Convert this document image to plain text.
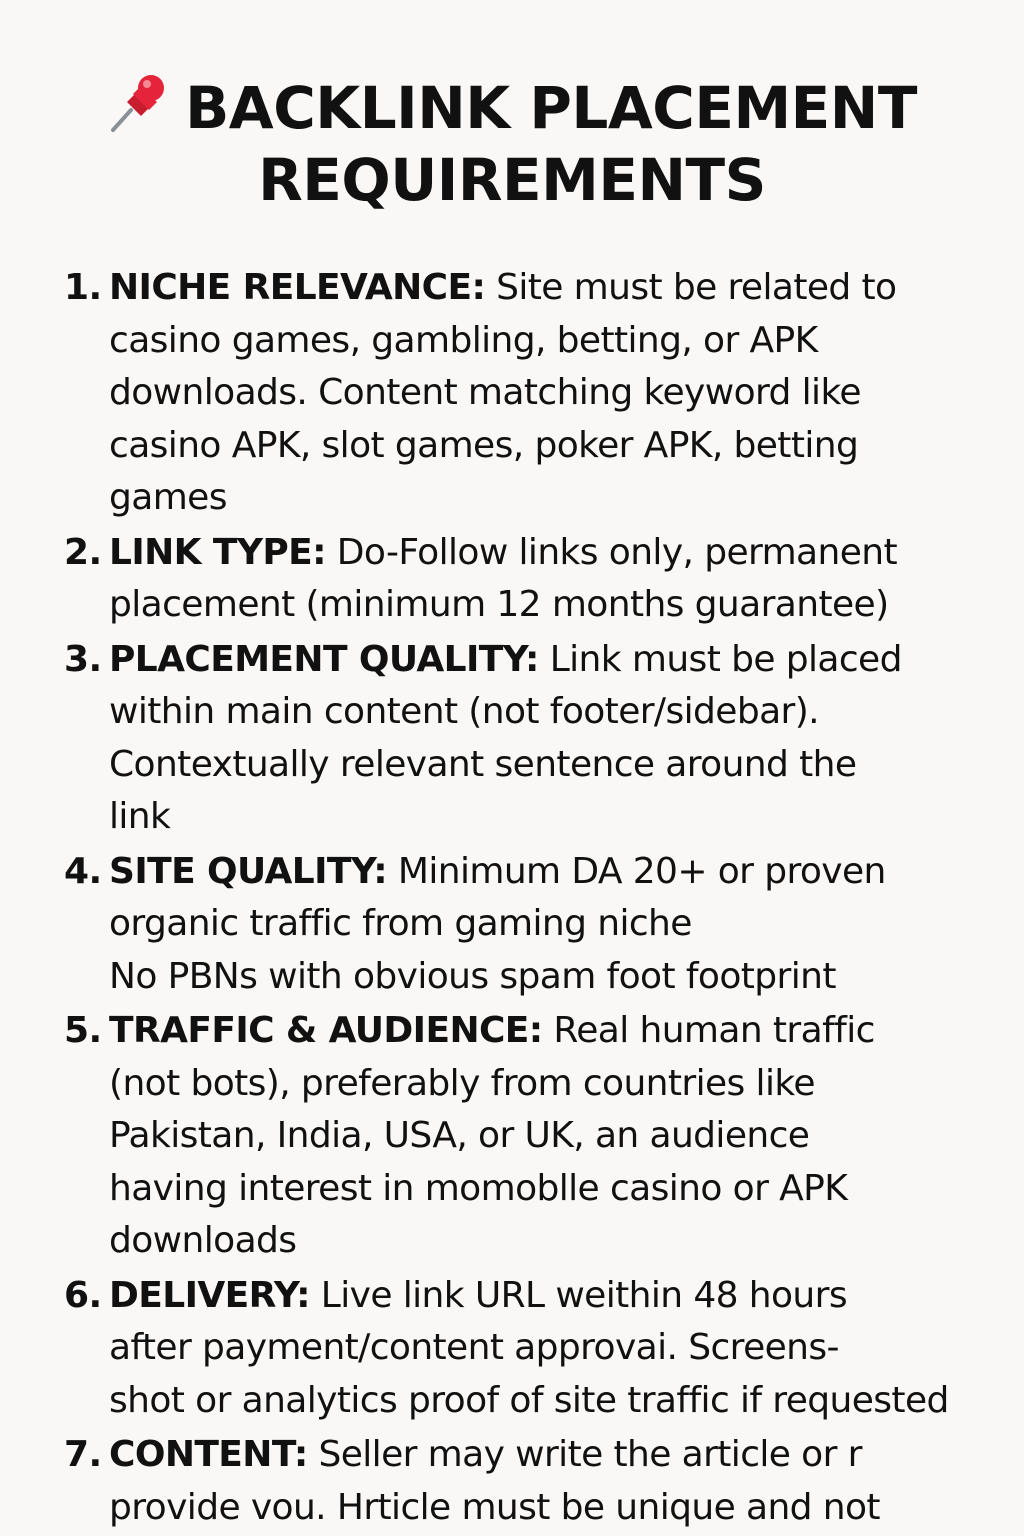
BACKLINK PLACEMENT
REQUIREMENTS
1. NICHE RELEVANCE: Site must be related to
casino games, gambling, betting, or APK
downloads. Content matching keyword like
casino APK, slot games, poker APK, betting
games
2. LINK TYPE: Do-Follow links only, permanent
placement (minimum 12 months guarantee)
3. PLACEMENT QUALITY: Link must be placed
within main content (not footer/sidebar).
Contextually relevant sentence around the
link
4. SITE QUALITY: Minimum DA 20+ or proven
organic traffic from gaming niche
No PBNs with obvious spam foot footprint
5. TRAFFIC & AUDIENCE: Real human traffic
(not bots), preferably from countries like
Pakistan, India, USA, or UK, an audience
having interest in momoblle casino or APK
downloads
6. DELIVERY: Live link URL weithin 48 hours
after payment/content approvai. Screens-
shot or analytics proof of site traffic if requested
7. CONTENT: Seller may write the article or r
provide vou. Hrticle must be unique and not
